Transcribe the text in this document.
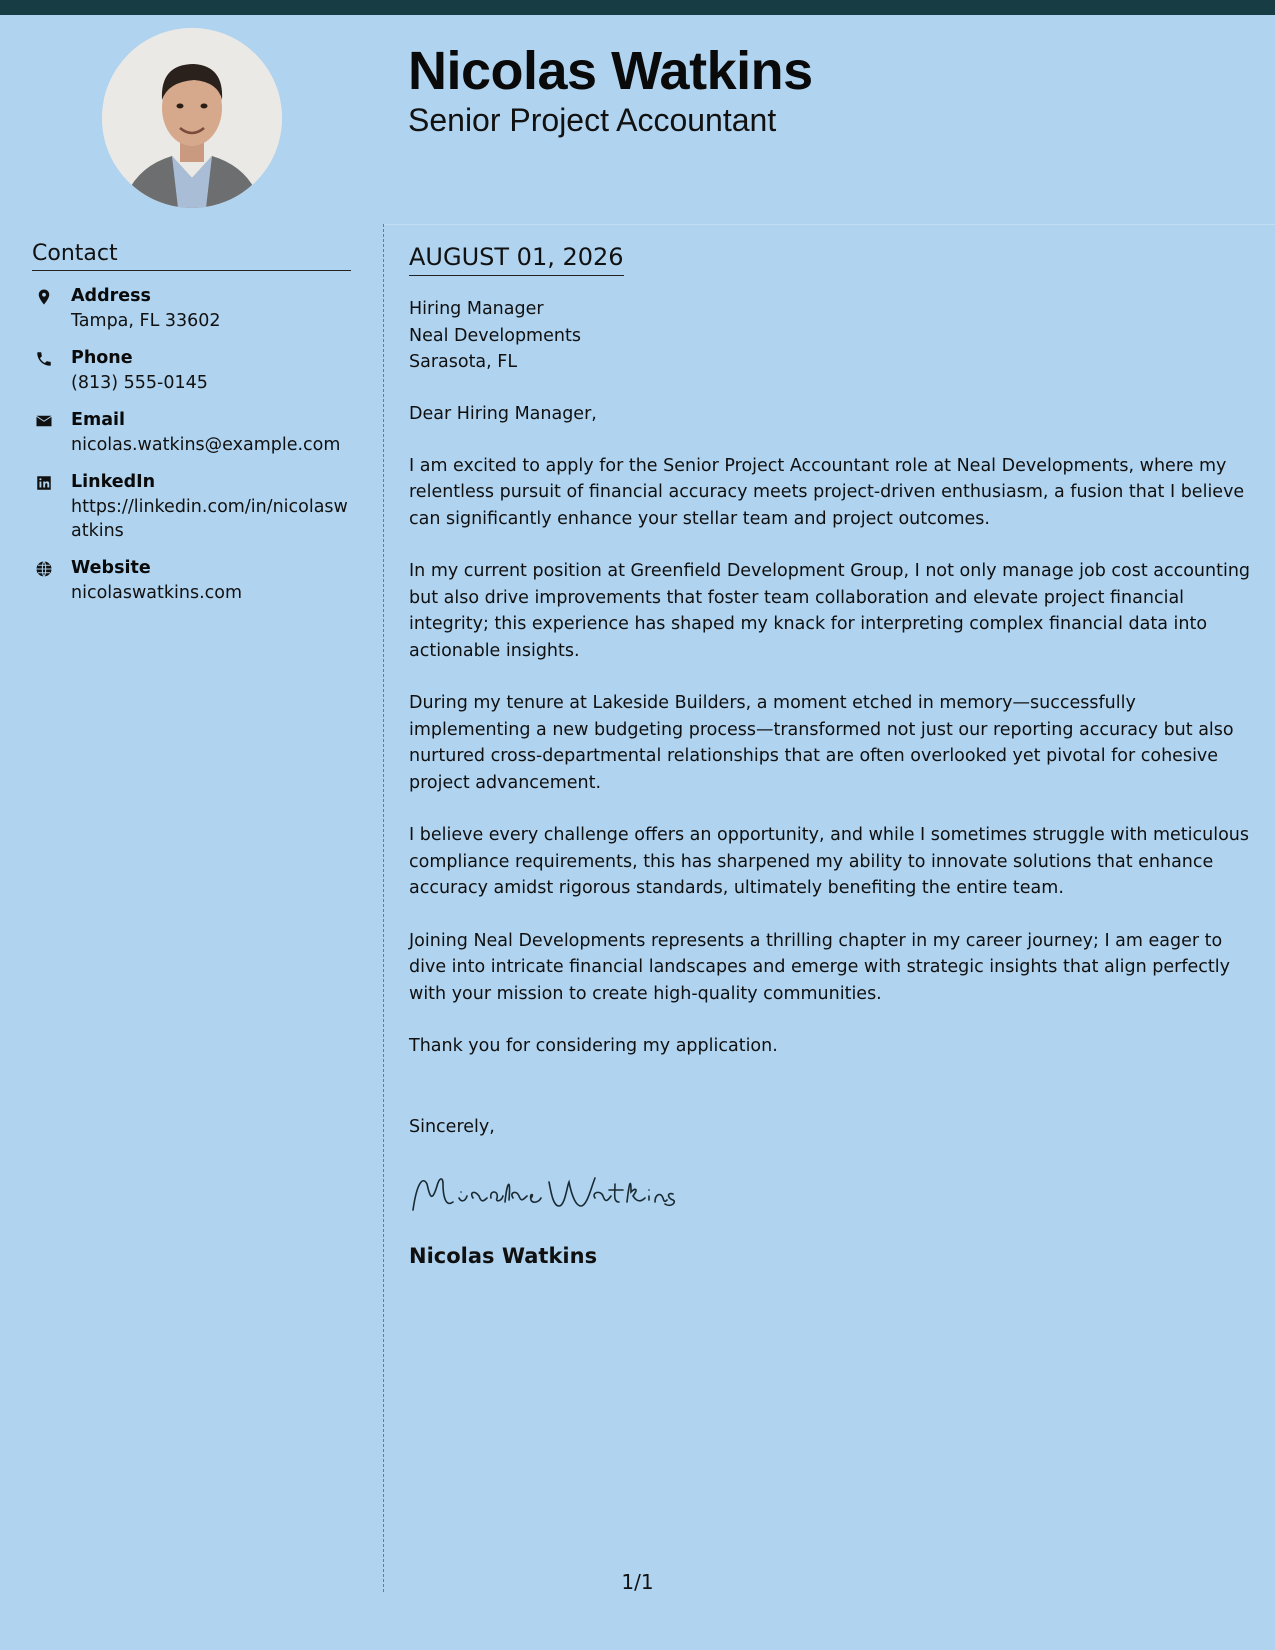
Nicolas Watkins
Senior Project Accountant
Contact
Address
Tampa, FL 33602
Phone
(813) 555-0145
Email
nicolas.watkins@example.com
LinkedIn
https://linkedin.com/in/nicolaswatkins
Website
nicolaswatkins.com
AUGUST 01, 2026
Hiring Manager
Neal Developments
Sarasota, FL
Dear Hiring Manager,
I am excited to apply for the Senior Project Accountant role at Neal Developments, where my relentless pursuit of financial accuracy meets project-driven enthusiasm, a fusion that I believe can significantly enhance your stellar team and project outcomes.
In my current position at Greenfield Development Group, I not only manage job cost accounting but also drive improvements that foster team collaboration and elevate project financial integrity; this experience has shaped my knack for interpreting complex financial data into actionable insights.
During my tenure at Lakeside Builders, a moment etched in memory—successfully implementing a new budgeting process—transformed not just our reporting accuracy but also nurtured cross-departmental relationships that are often overlooked yet pivotal for cohesive project advancement.
I believe every challenge offers an opportunity, and while I sometimes struggle with meticulous compliance requirements, this has sharpened my ability to innovate solutions that enhance accuracy amidst rigorous standards, ultimately benefiting the entire team.
Joining Neal Developments represents a thrilling chapter in my career journey; I am eager to dive into intricate financial landscapes and emerge with strategic insights that align perfectly with your mission to create high-quality communities.
Thank you for considering my application.
Sincerely,
Nicolas Watkins
1/1
